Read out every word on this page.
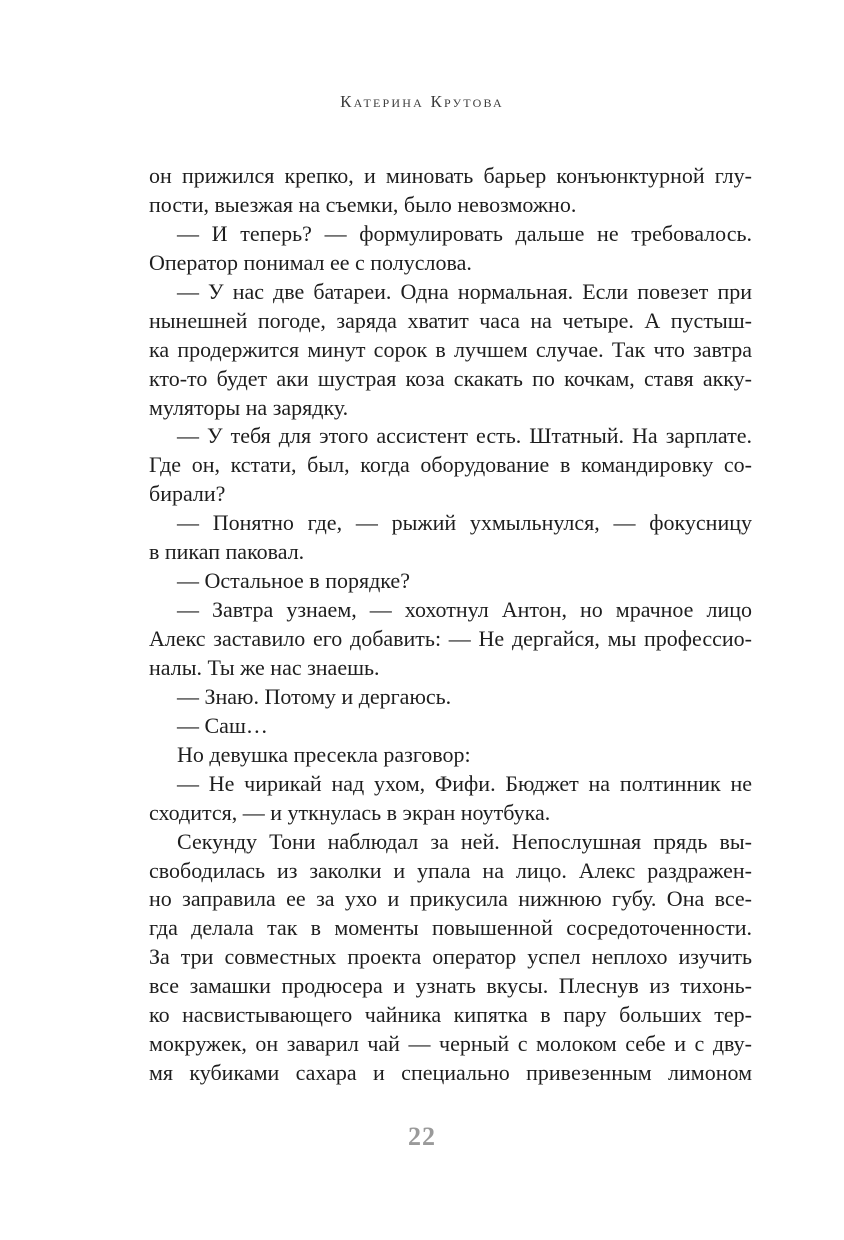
Катерина Крутова
он прижился крепко, и миновать барьер конъюнктурной глу-
пости, выезжая на съемки, было невозможно.
— И теперь? — формулировать дальше не требовалось.
Оператор понимал ее с полуслова.
— У нас две батареи. Одна нормальная. Если повезет при
нынешней погоде, заряда хватит часа на четыре. А пустыш-
ка продержится минут сорок в лучшем случае. Так что завтра
кто-то будет аки шустрая коза скакать по кочкам, ставя акку-
муляторы на зарядку.
— У тебя для этого ассистент есть. Штатный. На зарплате.
Где он, кстати, был, когда оборудование в командировку со-
бирали?
— Понятно где, — рыжий ухмыльнулся, — фокусницу
в пикап паковал.
— Остальное в порядке?
— Завтра узнаем, — хохотнул Антон, но мрачное лицо
Алекс заставило его добавить: — Не дергайся, мы профессио-
налы. Ты же нас знаешь.
— Знаю. Потому и дергаюсь.
— Саш…
Но девушка пресекла разговор:
— Не чирикай над ухом, Фифи. Бюджет на полтинник не
сходится, — и уткнулась в экран ноутбука.
Секунду Тони наблюдал за ней. Непослушная прядь вы-
свободилась из заколки и упала на лицо. Алекс раздражен-
но заправила ее за ухо и прикусила нижнюю губу. Она все-
гда делала так в моменты повышенной сосредоточенности.
За три совместных проекта оператор успел неплохо изучить
все замашки продюсера и узнать вкусы. Плеснув из тихонь-
ко насвистывающего чайника кипятка в пару больших тер-
мокружек, он заварил чай — черный с молоком себе и с дву-
мя кубиками сахара и специально привезенным лимоном
22
